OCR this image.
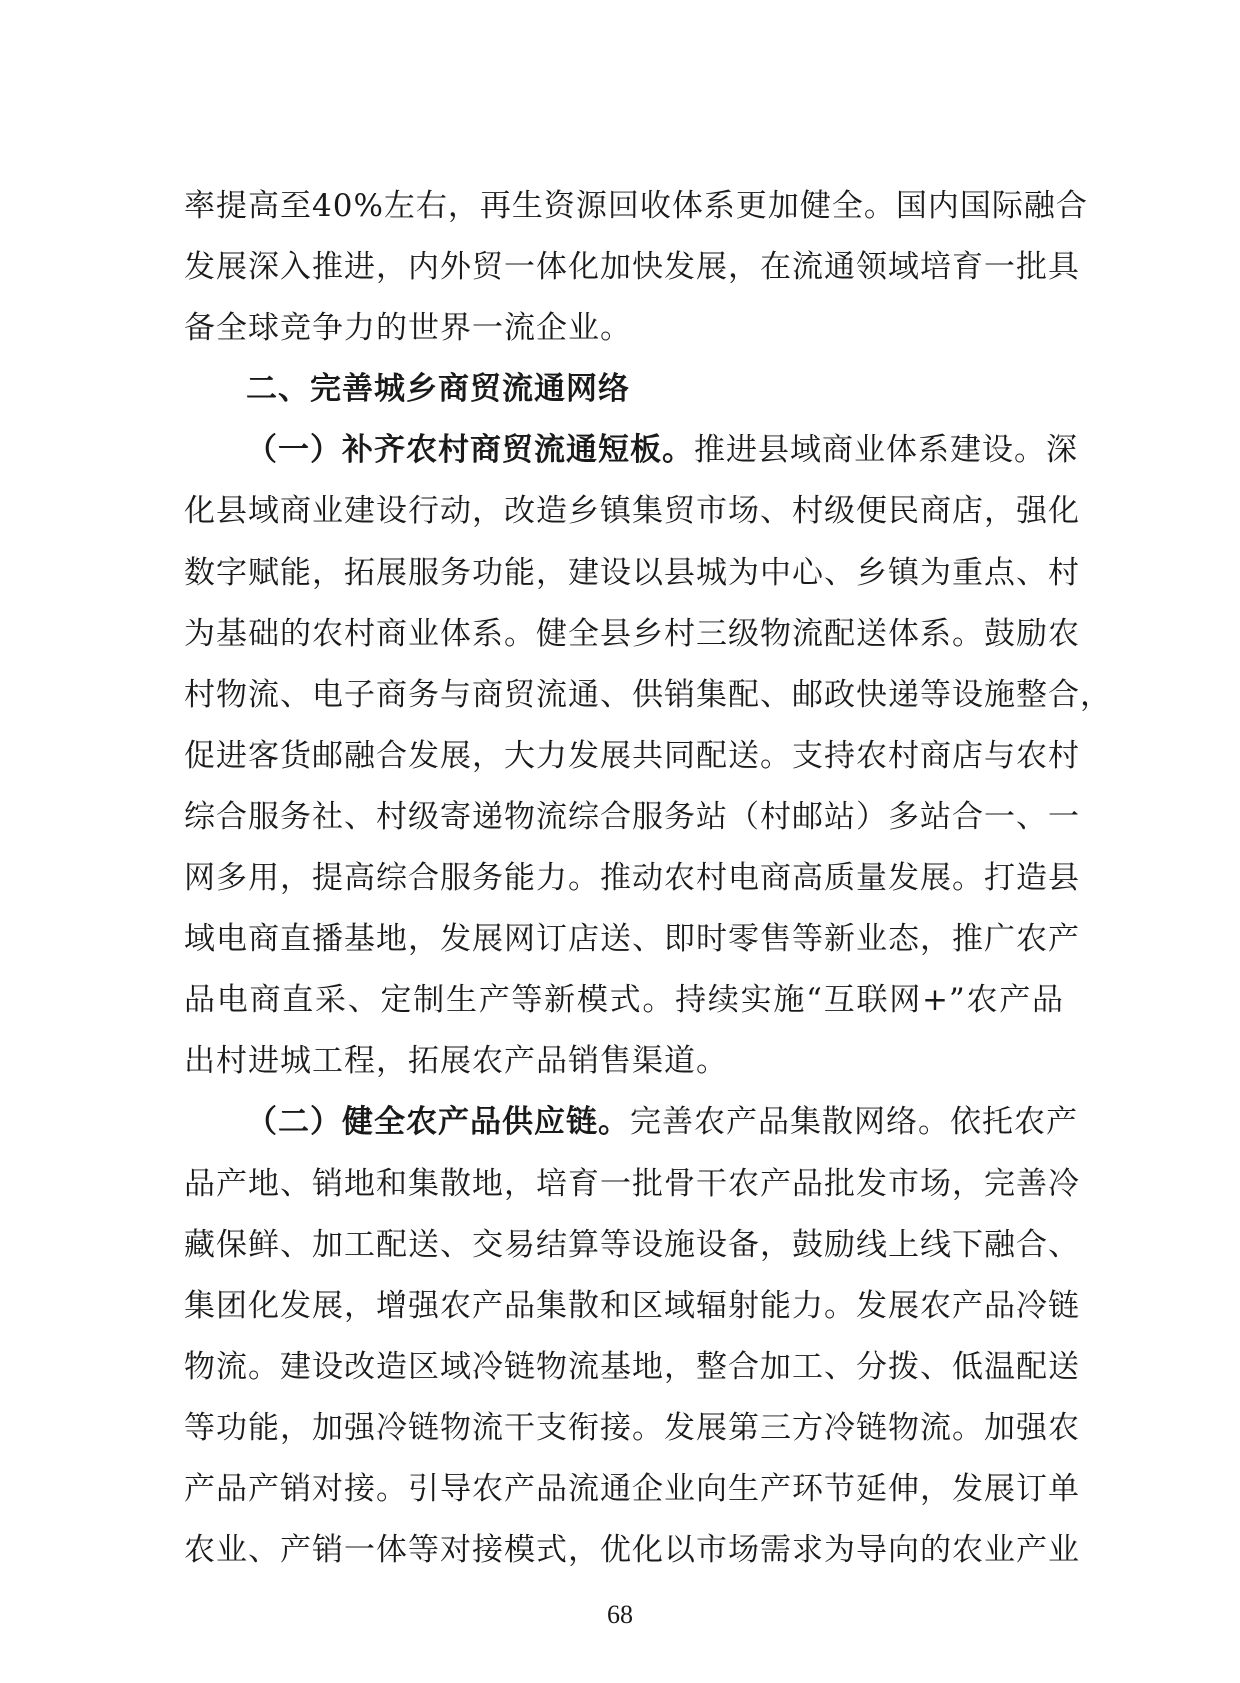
率提高至40%左右，再生资源回收体系更加健全。国内国际融合
发展深入推进，内外贸一体化加快发展，在流通领域培育一批具
备全球竞争力的世界一流企业。
二、完善城乡商贸流通网络
（一）补齐农村商贸流通短板。推进县域商业体系建设。深
化县域商业建设行动，改造乡镇集贸市场、村级便民商店，强化
数字赋能，拓展服务功能，建设以县城为中心、乡镇为重点、村
为基础的农村商业体系。健全县乡村三级物流配送体系。鼓励农
村物流、电子商务与商贸流通、供销集配、邮政快递等设施整合，
促进客货邮融合发展，大力发展共同配送。支持农村商店与农村
综合服务社、村级寄递物流综合服务站（村邮站）多站合一、一
网多用，提高综合服务能力。推动农村电商高质量发展。打造县
域电商直播基地，发展网订店送、即时零售等新业态，推广农产
品电商直采、定制生产等新模式。持续实施“互联网+”农产品
出村进城工程，拓展农产品销售渠道。
（二）健全农产品供应链。完善农产品集散网络。依托农产
品产地、销地和集散地，培育一批骨干农产品批发市场，完善冷
藏保鲜、加工配送、交易结算等设施设备，鼓励线上线下融合、
集团化发展，增强农产品集散和区域辐射能力。发展农产品冷链
物流。建设改造区域冷链物流基地，整合加工、分拨、低温配送
等功能，加强冷链物流干支衔接。发展第三方冷链物流。加强农
产品产销对接。引导农产品流通企业向生产环节延伸，发展订单
农业、产销一体等对接模式，优化以市场需求为导向的农业产业
68
